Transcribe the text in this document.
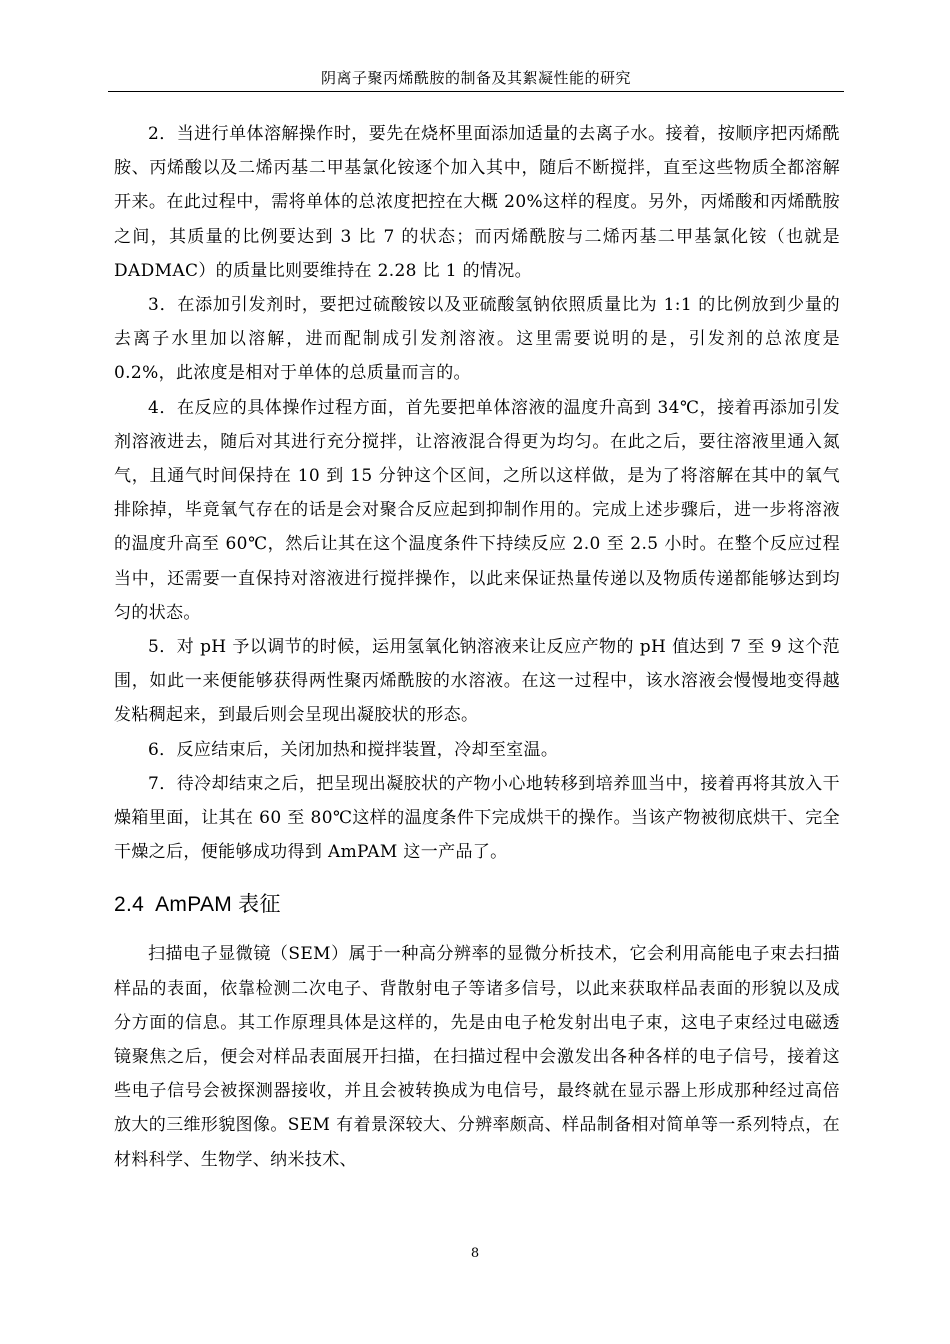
阴离子聚丙烯酰胺的制备及其絮凝性能的研究

2．当进行单体溶解操作时，要先在烧杯里面添加适量的去离子水。接着，按顺序把丙烯酰胺、丙烯酸以及二烯丙基二甲基氯化铵逐个加入其中，随后不断搅拌，直至这些物质全都溶解开来。在此过程中，需将单体的总浓度把控在大概 20%这样的程度。另外，丙烯酸和丙烯酰胺之间，其质量的比例要达到 3 比 7 的状态；而丙烯酰胺与二烯丙基二甲基氯化铵（也就是 DADMAC）的质量比则要维持在 2.28 比 1 的情况。

3．在添加引发剂时，要把过硫酸铵以及亚硫酸氢钠依照质量比为 1:1 的比例放到少量的去离子水里加以溶解，进而配制成引发剂溶液。这里需要说明的是，引发剂的总浓度是 0.2%，此浓度是相对于单体的总质量而言的。

4．在反应的具体操作过程方面，首先要把单体溶液的温度升高到 34℃，接着再添加引发剂溶液进去，随后对其进行充分搅拌，让溶液混合得更为均匀。在此之后，要往溶液里通入氮气，且通气时间保持在 10 到 15 分钟这个区间，之所以这样做，是为了将溶解在其中的氧气排除掉，毕竟氧气存在的话是会对聚合反应起到抑制作用的。完成上述步骤后，进一步将溶液的温度升高至 60℃，然后让其在这个温度条件下持续反应 2.0 至 2.5 小时。在整个反应过程当中，还需要一直保持对溶液进行搅拌操作，以此来保证热量传递以及物质传递都能够达到均匀的状态。

5．对 pH 予以调节的时候，运用氢氧化钠溶液来让反应产物的 pH 值达到 7 至 9 这个范围，如此一来便能够获得两性聚丙烯酰胺的水溶液。在这一过程中，该水溶液会慢慢地变得越发粘稠起来，到最后则会呈现出凝胶状的形态。

6．反应结束后，关闭加热和搅拌装置，冷却至室温。

7．待冷却结束之后，把呈现出凝胶状的产物小心地转移到培养皿当中，接着再将其放入干燥箱里面，让其在 60 至 80℃这样的温度条件下完成烘干的操作。当该产物被彻底烘干、完全干燥之后，便能够成功得到 AmPAM 这一产品了。

2.4 AmPAM 表征

扫描电子显微镜（SEM）属于一种高分辨率的显微分析技术，它会利用高能电子束去扫描样品的表面，依靠检测二次电子、背散射电子等诸多信号，以此来获取样品表面的形貌以及成分方面的信息。其工作原理具体是这样的，先是由电子枪发射出电子束，这电子束经过电磁透镜聚焦之后，便会对样品表面展开扫描，在扫描过程中会激发出各种各样的电子信号，接着这些电子信号会被探测器接收，并且会被转换成为电信号，最终就在显示器上形成那种经过高倍放大的三维形貌图像。SEM 有着景深较大、分辨率颇高、样品制备相对简单等一系列特点，在材料科学、生物学、纳米技术、

8
